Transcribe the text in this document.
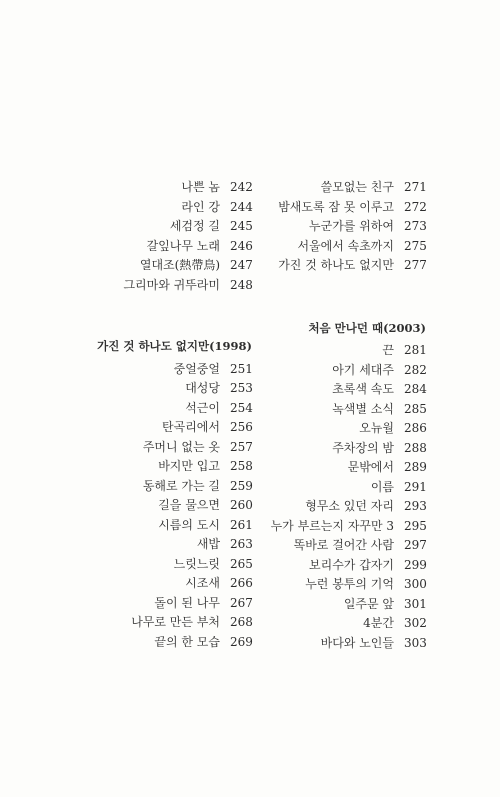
나쁜 놈 242
라인 강 244
세검정 길 245
갈잎나무 노래 246
열대조(熱帶鳥) 247
그리마와 귀뚜라미 248
가진 것 하나도 없지만(1998)
중얼중얼 251
대성당 253
석근이 254
탄곡리에서 256
주머니 없는 옷 257
바지만 입고 258
동해로 가는 길 259
길을 물으면 260
시름의 도시 261
새밥 263
느릿느릿 265
시조새 266
돌이 된 나무 267
나무로 만든 부처 268
끝의 한 모습 269
쓸모없는 친구 271
밤새도록 잠 못 이루고 272
누군가를 위하여 273
서울에서 속초까지 275
가진 것 하나도 없지만 277
처음 만나던 때(2003)
끈 281
아기 세대주 282
초록색 속도 284
녹색별 소식 285
오뉴월 286
주차장의 밤 288
문밖에서 289
이름 291
형무소 있던 자리 293
누가 부르는지 자꾸만 3 295
똑바로 걸어간 사람 297
보리수가 갑자기 299
누런 봉투의 기억 300
일주문 앞 301
4분간 302
바다와 노인들 303
